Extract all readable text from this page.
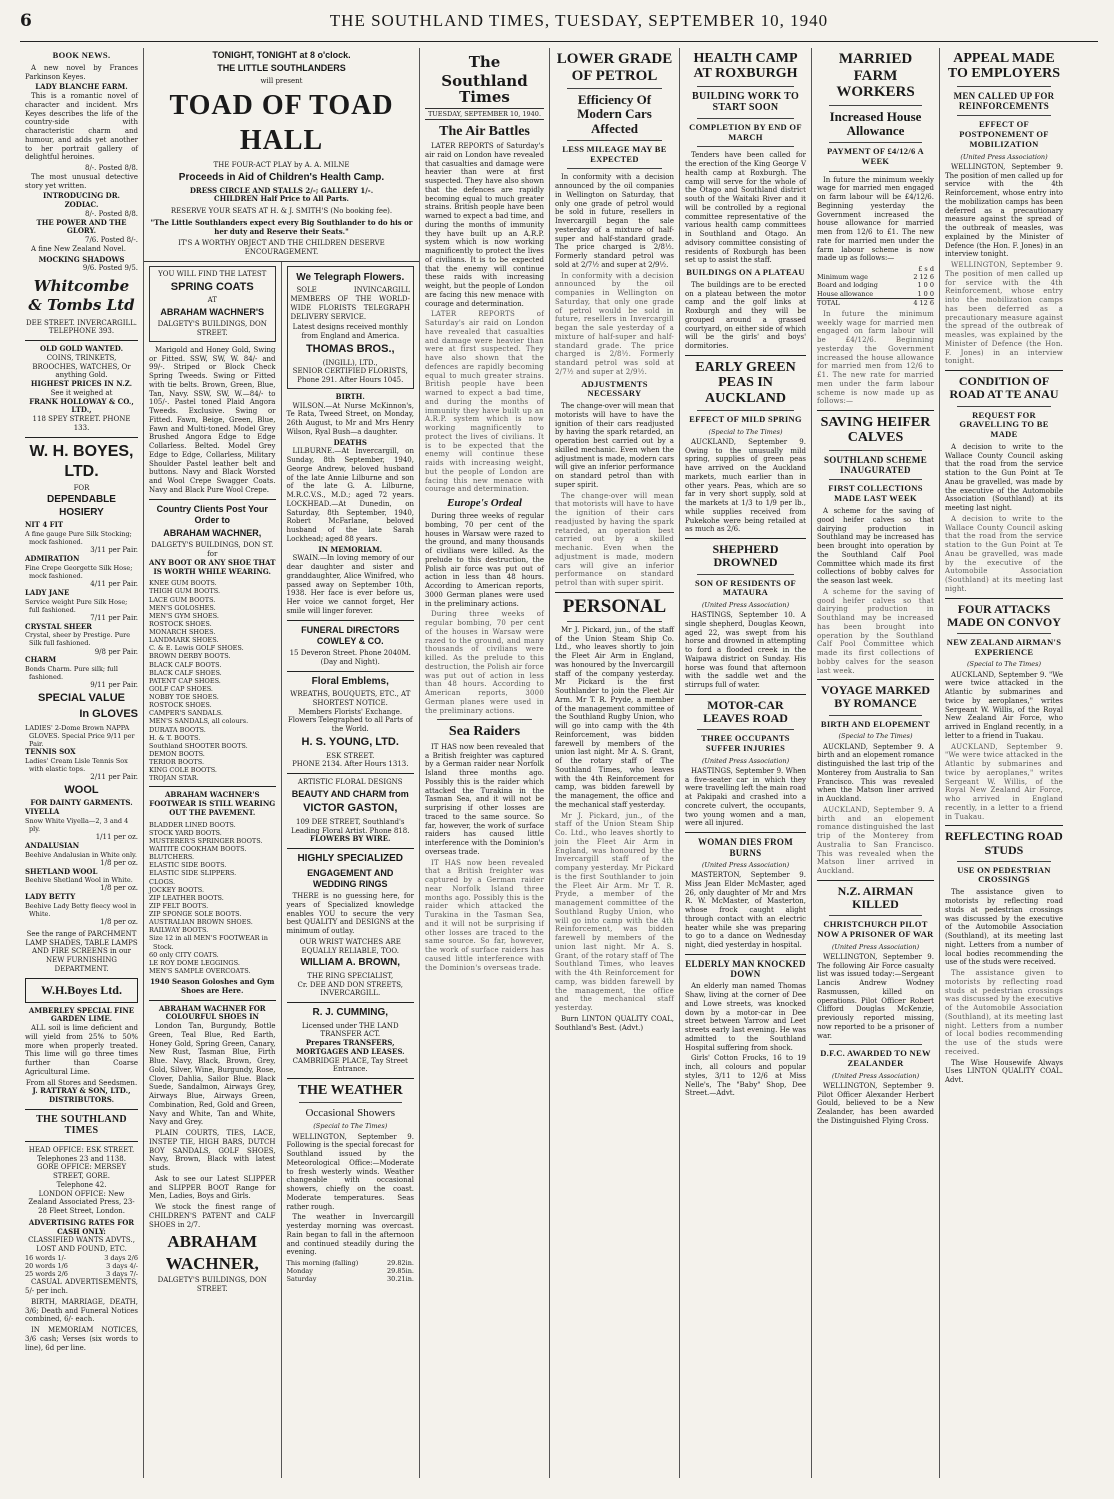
6	THE SOUTHLAND TIMES, TUESDAY, SEPTEMBER 10, 1940
BOOK NEWS.

A new novel by Frances Parkinson Keyes.

LADY BLANCHE FARM.

This is a romantic novel of character and incident. Mrs Keyes describes the life of the country-side with characteristic charm and humour, and adds yet another to her portrait gallery of delightful heroines.

8/-. Posted 8/8.

The most unusual detective story yet written.

INTRODUCING DR. ZODIAC.
8/-. Posted 8/8.
THE POWER AND THE GLORY.
7/6. Posted 8/-.

A fine New Zealand Novel.

MOCKING SHADOWS
9/6. Posted 9/5.
Whitcombe & Tombs Ltd
DEE STREET. INVERCARGILL. TELEPHONE 393.
OLD GOLD WANTED.
COINS, TRINKETS, BROOCHES, WATCHES, Or anything Gold.
HIGHEST PRICES IN N.Z.
See it weighed at
FRANK HOLLOWAY & CO., LTD.,
118 SPEY STREET. PHONE 133.
W. H. BOYES, LTD.
FOR
DEPENDABLE HOSIERY
NIT 4 FIT
A fine gauge Pure Silk Stocking; mock fashioned.
3/11 per Pair.
ADMIRATION
Fine Crepe Georgette Silk Hose; mock fashioned.
4/11 per Pair.
LADY JANE
Service weight Pure Silk Hose; full fashioned.
7/11 per Pair.
CRYSTAL SHEER
Crystal, sheer by Prestige. Pure Silk full fashioned.
9/8 per Pair.
CHARM
Bonds Charm. Pure silk; full fashioned.
9/11 per Pair.
SPECIAL VALUE
In GLOVES
LADIES' 2-Dome Brown NAPPA GLOVES. Special Price 9/11 per Pair.
TENNIS SOX
Ladies' Cream Lisle Tennis Sox with elastic tops.
2/11 per Pair.
WOOL
FOR DAINTY GARMENTS.
VIYELLA
Snow White Viyella—2, 3 and 4 ply.
1/11 per oz.
ANDALUSIAN
Beehive Andalusian in White only.
1/8 per oz.
SHETLAND WOOL
Beehive Shetland Wool in White.
1/8 per oz.
LADY BETTY
Beehive Lady Betty fleecy wool in White.
1/8 per oz.
See the range of PARCHMENT LAMP SHADES, TABLE LAMPS AND FIRE SCREENS in our NEW FURNISHING DEPARTMENT.
W.H.Boyes Ltd.
AMBERLEY SPECIAL FINE GARDEN LIME.

ALL soil is lime deficient and will yield from 25% to 50% more when properly treated. This lime will go three times further than Coarse Agricultural Lime.

From all Stores and Seedsmen.
J. RATTRAY & SON, LTD., DISTRIBUTORS.
THE SOUTHLAND TIMES
HEAD OFFICE: ESK STREET.
Telephones 23 and 1138.
GORE OFFICE: MERSEY STREET, GORE.
Telephone 42.
LONDON OFFICE: New Zealand Associated Press, 23-28 Fleet Street, London.
ADVERTISING RATES FOR CASH ONLY:
CLASSIFIED WANTS ADVTS., LOST AND FOUND, ETC.
16 words 1/-	3 days 2/6
20 words 1/6	3 days 4/-
25 words 2/6	3 days 7/-

CASUAL ADVERTISEMENTS, 5/- per inch.

BIRTH, MARRIAGE, DEATH, 3/6; Death and Funeral Notices combined, 6/- each.

IN MEMORIAM NOTICES, 3/6 cash; Verses (six words to line), 6d per line.

TONIGHT, TONIGHT at 8 o'clock.
THE LITTLE SOUTHLANDERS
will present
TOAD OF TOAD HALL
THE FOUR-ACT PLAY by A. A. MILNE
Proceeds in Aid of Children's Health Camp.
DRESS CIRCLE AND STALLS 2/-; GALLERY 1/-.
CHILDREN Half Price to All Parts.
RESERVE YOUR SEATS AT H. & J. SMITH'S (No booking fee).
"The Little Southlanders expect every Big Southlander to do his or her duty and Reserve their Seats."
IT'S A WORTHY OBJECT AND THE CHILDREN DESERVE ENCOURAGEMENT.
YOU WILL FIND THE LATEST
SPRING COATS
AT
ABRAHAM WACHNER'S
DALGETY'S BUILDINGS, DON STREET.

Marigold and Honey Gold, Swing or Fitted. SSW, SW, W. 84/- and 99/-. Striped or Block Check Spring Tweeds. Swing or Fitted with tie belts. Brown, Green, Blue, Tan, Navy. SSW, SW, W.—84/- to 105/-. Pastel toned Plaid Angora Tweeds. Exclusive. Swing or Fitted. Fawn, Beige, Green, Blue, Fawn and Multi-toned. Model Grey Brushed Angora Edge to Edge Collarless. Belted. Model Grey Edge to Edge, Collarless, Military Shoulder Pastel leather belt and buttons. Navy and Black Worsted and Wool Crepe Swagger Coats. Navy and Black Pure Wool Crepe.

Country Clients Post Your Order to
ABRAHAM WACHNER,
DALGETY'S BUILDINGS, DON ST.
for
ANY BOOT OR ANY SHOE THAT IS WORTH WHILE WEARING.
KNEE GUM BOOTS.
THIGH GUM BOOTS.
LACE GUM BOOTS.
MEN'S GOLOSHES.
MEN'S GYM SHOES.
ROSTOCK SHOES.
MONARCH SHOES.
LANDMARK SHOES.
C. & E. Lewis GOLF SHOES.
BROWN DERBY BOOTS.
BLACK CALF BOOTS.
BLACK CALF SHOES.
PATENT CAP SHOES.
GOLF CAP SHOES.
NOBBY TOE SHOES.
ROSTOCK SHOES.
CAMPER'S SANDALS.
MEN'S SANDALS, all colours.
DURATA BOOTS.
H. & T. BOOTS.
Southland SHOOTER BOOTS.
DEMON BOOTS.
TERIOR BOOTS.
KING COLE BOOTS.
TROJAN STAR.
ABRAHAM WACHNER'S FOOTWEAR IS STILL WEARING OUT THE PAVEMENT.
BLADDER LINED BOOTS.
STOCK YARD BOOTS.
MUSTERER'S SPRINGER BOOTS.
WAITITE COOKHAM BOOTS.
BLUTCHERS.
ELASTIC SIDE BOOTS.
ELASTIC SIDE SLIPPERS.
CLOGS.
JOCKEY BOOTS.
ZIP LEATHER BOOTS.
ZIP FELT BOOTS.
ZIP SPONGE SOLE BOOTS.
AUSTRALIAN BROWN SHOES.
RAILWAY BOOTS.
Size 12 in all MEN'S FOOTWEAR in Stock.
60 only CITY COATS.
LE ROY DOME LEGGINGS.
MEN'S SAMPLE OVERCOATS.
1940 Season Goloshes and Gym Shoes are Here.
ABRAHAM WACHNER FOR COLOURFUL SHOES IN

London Tan, Burgundy, Bottle Green, Teal Blue, Red Earth, Honey Gold, Spring Green, Canary, New Rust, Tasman Blue, Firth Blue. Navy, Black, Brown, Grey, Gold, Silver, Wine, Burgundy, Rose, Clover, Dahlia, Sailor Blue. Black Suede, Sandalmon, Airways Grey, Airways Blue, Airways Green, Combination, Red, Gold and Green, Navy and White, Tan and White, Navy and Grey.

PLAIN COURTS, TIES, LACE, INSTEP TIE, HIGH BARS, DUTCH BOY SANDALS, GOLF SHOES, Navy, Brown, Black with latest studs.

Ask to see our Latest SLIPPER and SLIPPER BOOT Range for Men, Ladies, Boys and Girls.

We stock the finest range of CHILDREN'S PATENT and CALF SHOES in 2/7.

ABRAHAM WACHNER,
DALGETY'S BUILDINGS, DON STREET.
We Telegraph Flowers.

SOLE INVINCARGILL MEMBERS OF THE WORLD-WIDE FLORISTS TELEGRAPH DELIVERY SERVICE.

Latest designs received monthly from England and America.
THOMAS BROS.,
(INGILL), LTD.,
SENIOR CERTIFIED FLORISTS,
Phone 291. After Hours 1045.
BIRTH.

WILSON.—At Nurse McKinnon's, Te Rata, Tweed Street, on Monday, 26th August, to Mr and Mrs Henry Wilson, Ryal Bush—a daughter.

DEATHS

LILBURNE.—At Invercargill, on Sunday, 8th September, 1940, George Andrew, beloved husband of the late Annie Lilburne and son of the late G. A. Lilburne, M.R.C.V.S., M.D.; aged 72 years. LOCKHEAD.—At Dunedin, on Saturday, 8th September, 1940, Robert McFarlane, beloved husband of the late Sarah Lockhead; aged 88 years.

IN MEMORIAM.

SWAIN.—In loving memory of our dear daughter and sister and granddaughter, Alice Winifred, who passed away on September 10th, 1938. Her face is ever before us, Her voice we cannot forget, Her smile will linger forever.

FUNERAL DIRECTORS COWLEY & CO.
15 Deveron Street. Phone 2040M. (Day and Night).
Floral Emblems,
WREATHS, BOUQUETS, ETC., AT SHORTEST NOTICE.
Members Florists' Exchange. Flowers Telegraphed to all Parts of the World.
H. S. YOUNG, LTD.
ESK STREET.
PHONE 2134. After Hours 1313.
ARTISTIC FLORAL DESIGNS
BEAUTY AND CHARM from
VICTOR GASTON,
109 DEE STREET, Southland's Leading Floral Artist. Phone 818.
FLOWERS BY WIRE.
HIGHLY SPECIALIZED
ENGAGEMENT AND WEDDING RINGS

THERE is no guessing here, for years of Specialized knowledge enables YOU to secure the very best QUALITY and DESIGNS at the minimum of outlay.

OUR WRIST WATCHES ARE EQUALLY RELIABLE, TOO.
WILLIAM A. BROWN,
THE RING SPECIALIST,
Cr. DEE AND DON STREETS, INVERCARGILL.
R. J. CUMMING,
Licensed under THE LAND TRANSFER ACT.
Prepares TRANSFERS, MORTGAGES AND LEASES.
CAMBRIDGE PLACE, Tay Street Entrance.
THE WEATHER
Occasional Showers
(Special to The Times)

WELLINGTON, September 9. Following is the special forecast for Southland issued by the Meteorological Office:—Moderate to fresh westerly winds. Weather changeable with occasional showers, chiefly on the coast. Moderate temperatures. Seas rather rough.

The weather in Invercargill yesterday morning was overcast. Rain began to fall in the afternoon and continued steadily during the evening.

This morning (falling)	29.82in.
Monday	29.85in.
Saturday	30.21in.
The
Southland Times
TUESDAY, SEPTEMBER 10, 1940.
The Air Battles

LATER REPORTS of Saturday's air raid on London have revealed that casualties and damage were heavier than were at first suspected. They have also shown that the defences are rapidly becoming equal to much greater strains. British people have been warned to expect a bad time, and during the months of immunity they have built up an A.R.P. system which is now working magnificently to protect the lives of civilians. It is to be expected that the enemy will continue these raids with increasing weight, but the people of London are facing this new menace with courage and determination.

LATER REPORTS of Saturday's air raid on London have revealed that casualties and damage were heavier than were at first suspected. They have also shown that the defences are rapidly becoming equal to much greater strains. British people have been warned to expect a bad time, and during the months of immunity they have built up an A.R.P. system which is now working magnificently to protect the lives of civilians. It is to be expected that the enemy will continue these raids with increasing weight, but the people of London are facing this new menace with courage and determination.

Europe's Ordeal

During three weeks of regular bombing, 70 per cent of the houses in Warsaw were razed to the ground, and many thousands of civilians were killed. As the prelude to this destruction, the Polish air force was put out of action in less than 48 hours. According to American reports, 3000 German planes were used in the preliminary actions.

During three weeks of regular bombing, 70 per cent of the houses in Warsaw were razed to the ground, and many thousands of civilians were killed. As the prelude to this destruction, the Polish air force was put out of action in less than 48 hours. According to American reports, 3000 German planes were used in the preliminary actions.

Sea Raiders

IT HAS now been revealed that a British freighter was captured by a German raider near Norfolk Island three months ago. Possibly this is the raider which attacked the Turakina in the Tasman Sea, and it will not be surprising if other losses are traced to the same source. So far, however, the work of surface raiders has caused little interference with the Dominion's overseas trade.

IT HAS now been revealed that a British freighter was captured by a German raider near Norfolk Island three months ago. Possibly this is the raider which attacked the Turakina in the Tasman Sea, and it will not be surprising if other losses are traced to the same source. So far, however, the work of surface raiders has caused little interference with the Dominion's overseas trade.

LOWER GRADE OF PETROL
Efficiency Of Modern Cars Affected
LESS MILEAGE MAY BE EXPECTED

In conformity with a decision announced by the oil companies in Wellington on Saturday, that only one grade of petrol would be sold in future, resellers in Invercargill began the sale yesterday of a mixture of half-super and half-standard grade. The price charged is 2/8½. Formerly standard petrol was sold at 2/7½ and super at 2/9½.

In conformity with a decision announced by the oil companies in Wellington on Saturday, that only one grade of petrol would be sold in future, resellers in Invercargill began the sale yesterday of a mixture of half-super and half-standard grade. The price charged is 2/8½. Formerly standard petrol was sold at 2/7½ and super at 2/9½.

ADJUSTMENTS NECESSARY

The change-over will mean that motorists will have to have the ignition of their cars readjusted by having the spark retarded, an operation best carried out by a skilled mechanic. Even when the adjustment is made, modern cars will give an inferior performance on standard petrol than with super spirit.

The change-over will mean that motorists will have to have the ignition of their cars readjusted by having the spark retarded, an operation best carried out by a skilled mechanic. Even when the adjustment is made, modern cars will give an inferior performance on standard petrol than with super spirit.

PERSONAL

Mr J. Pickard, jun., of the staff of the Union Steam Ship Co. Ltd., who leaves shortly to join the Fleet Air Arm in England, was honoured by the Invercargill staff of the company yesterday. Mr Pickard is the first Southlander to join the Fleet Air Arm. Mr T. R. Pryde, a member of the management committee of the Southland Rugby Union, who will go into camp with the 4th Reinforcement, was bidden farewell by members of the union last night. Mr A. S. Grant, of the rotary staff of The Southland Times, who leaves with the 4th Reinforcement for camp, was bidden farewell by the management, the office and the mechanical staff yesterday.

Mr J. Pickard, jun., of the staff of the Union Steam Ship Co. Ltd., who leaves shortly to join the Fleet Air Arm in England, was honoured by the Invercargill staff of the company yesterday. Mr Pickard is the first Southlander to join the Fleet Air Arm. Mr T. R. Pryde, a member of the management committee of the Southland Rugby Union, who will go into camp with the 4th Reinforcement, was bidden farewell by members of the union last night. Mr A. S. Grant, of the rotary staff of The Southland Times, who leaves with the 4th Reinforcement for camp, was bidden farewell by the management, the office and the mechanical staff yesterday.

Burn LINTON QUALITY COAL, Southland's Best. (Advt.)

HEALTH CAMP AT ROXBURGH
BUILDING WORK TO START SOON
COMPLETION BY END OF MARCH

Tenders have been called for the erection of the King George V health camp at Roxburgh. The camp will serve for the whole of the Otago and Southland district south of the Waitaki River and it will be controlled by a regional committee representative of the various health camp committees in Southland and Otago. An advisory committee consisting of residents of Roxburgh has been set up to assist the staff.

BUILDINGS ON A PLATEAU

The buildings are to be erected on a plateau between the motor camp and the golf links at Roxburgh and they will be grouped around a grassed courtyard, on either side of which will be the girls' and boys' dormitories.

EARLY GREEN PEAS IN AUCKLAND
EFFECT OF MILD SPRING
(Special to The Times)

AUCKLAND, September 9. Owing to the unusually mild spring, supplies of green peas have arrived on the Auckland markets, much earlier than in other years. Peas, which are so far in very short supply, sold at the markets at 1/3 to 1/9 per lb., while supplies received from Pukekohe were being retailed at as much as 2/6.

SHEPHERD DROWNED
SON OF RESIDENTS OF MATAURA
(United Press Association)

HASTINGS, September 10. A single shepherd, Douglas Keown, aged 22, was swept from his horse and drowned in attempting to ford a flooded creek in the Waipawa district on Sunday. His horse was found that afternoon with the saddle wet and the stirrups full of water.

MOTOR-CAR LEAVES ROAD
THREE OCCUPANTS SUFFER INJURIES
(United Press Association)

HASTINGS, September 9. When a five-seater car in which they were travelling left the main road at Pakipaki and crashed into a concrete culvert, the occupants, two young women and a man, were all injured.

WOMAN DIES FROM BURNS
(United Press Association)

MASTERTON, September 9. Miss Jean Elder McMaster, aged 26, only daughter of Mr and Mrs R. W. McMaster, of Masterton, whose frock caught alight through contact with an electric heater while she was preparing to go to a dance on Wednesday night, died yesterday in hospital.

ELDERLY MAN KNOCKED DOWN

An elderly man named Thomas Shaw, living at the corner of Dee and Lowe streets, was knocked down by a motor-car in Dee street between Yarrow and Leet streets early last evening. He was admitted to the Southland Hospital suffering from shock.

Girls' Cotton Frocks, 16 to 19 inch, all colours and popular styles, 3/11 to 12/6 at Miss Nelle's, The "Baby" Shop, Dee Street.—Advt.

MARRIED FARM WORKERS
Increased House Allowance
PAYMENT OF £4/12/6 A WEEK

In future the minimum weekly wage for married men engaged on farm labour will be £4/12/6. Beginning yesterday the Government increased the house allowance for married men from 12/6 to £1. The new rate for married men under the farm labour scheme is now made up as follows:—

£ s d
Minimum wage	2 12 6
Board and lodging	1 0 0
House allowance	1 0 0
TOTAL	4 12 6

In future the minimum weekly wage for married men engaged on farm labour will be £4/12/6. Beginning yesterday the Government increased the house allowance for married men from 12/6 to £1. The new rate for married men under the farm labour scheme is now made up as follows:—

SAVING HEIFER CALVES
SOUTHLAND SCHEME INAUGURATED
FIRST COLLECTIONS MADE LAST WEEK

A scheme for the saving of good heifer calves so that dairying production in Southland may be increased has been brought into operation by the Southland Calf Pool Committee which made its first collections of bobby calves for the season last week.

A scheme for the saving of good heifer calves so that dairying production in Southland may be increased has been brought into operation by the Southland Calf Pool Committee which made its first collections of bobby calves for the season last week.

VOYAGE MARKED BY ROMANCE
BIRTH AND ELOPEMENT
(Special to The Times)

AUCKLAND, September 9. A birth and an elopement romance distinguished the last trip of the Monterey from Australia to San Francisco. This was revealed when the Matson liner arrived in Auckland.

AUCKLAND, September 9. A birth and an elopement romance distinguished the last trip of the Monterey from Australia to San Francisco. This was revealed when the Matson liner arrived in Auckland.

N.Z. AIRMAN KILLED
CHRISTCHURCH PILOT NOW A PRISONER OF WAR
(United Press Association)

WELLINGTON, September 9. The following Air Force casualty list was issued today:—Sergeant Lancis Andrew Wodney Rasmussen, killed on operations. Pilot Officer Robert Clifford Douglas McKenzie, previously reported missing, now reported to be a prisoner of war.

D.F.C. AWARDED TO NEW ZEALANDER
(United Press Association)

WELLINGTON, September 9. Pilot Officer Alexander Herbert Gould, believed to be a New Zealander, has been awarded the Distinguished Flying Cross.

APPEAL MADE TO EMPLOYERS
MEN CALLED UP FOR REINFORCEMENTS
EFFECT OF POSTPONEMENT OF MOBILIZATION
(United Press Association)

WELLINGTON, September 9. The position of men called up for service with the 4th Reinforcement, whose entry into the mobilization camps has been deferred as a precautionary measure against the spread of the outbreak of measles, was explained by the Minister of Defence (the Hon. F. Jones) in an interview tonight.

WELLINGTON, September 9. The position of men called up for service with the 4th Reinforcement, whose entry into the mobilization camps has been deferred as a precautionary measure against the spread of the outbreak of measles, was explained by the Minister of Defence (the Hon. F. Jones) in an interview tonight.

CONDITION OF ROAD AT TE ANAU
REQUEST FOR GRAVELLING TO BE MADE

A decision to write to the Wallace County Council asking that the road from the service station to the Gun Point at Te Anau be gravelled, was made by the executive of the Automobile Association (Southland) at its meeting last night.

A decision to write to the Wallace County Council asking that the road from the service station to the Gun Point at Te Anau be gravelled, was made by the executive of the Automobile Association (Southland) at its meeting last night.

FOUR ATTACKS MADE ON CONVOY
NEW ZEALAND AIRMAN'S EXPERIENCE
(Special to The Times)

AUCKLAND, September 9. "We were twice attacked in the Atlantic by submarines and twice by aeroplanes," writes Sergeant W. Willis, of the Royal New Zealand Air Force, who arrived in England recently, in a letter to a friend in Tuakau.

AUCKLAND, September 9. "We were twice attacked in the Atlantic by submarines and twice by aeroplanes," writes Sergeant W. Willis, of the Royal New Zealand Air Force, who arrived in England recently, in a letter to a friend in Tuakau.

REFLECTING ROAD STUDS
USE ON PEDESTRIAN CROSSINGS

The assistance given to motorists by reflecting road studs at pedestrian crossings was discussed by the executive of the Automobile Association (Southland), at its meeting last night. Letters from a number of local bodies recommending the use of the studs were received.

The assistance given to motorists by reflecting road studs at pedestrian crossings was discussed by the executive of the Automobile Association (Southland), at its meeting last night. Letters from a number of local bodies recommending the use of the studs were received.

The Wise Housewife Always Uses LINTON QUALITY COAL. Advt.
